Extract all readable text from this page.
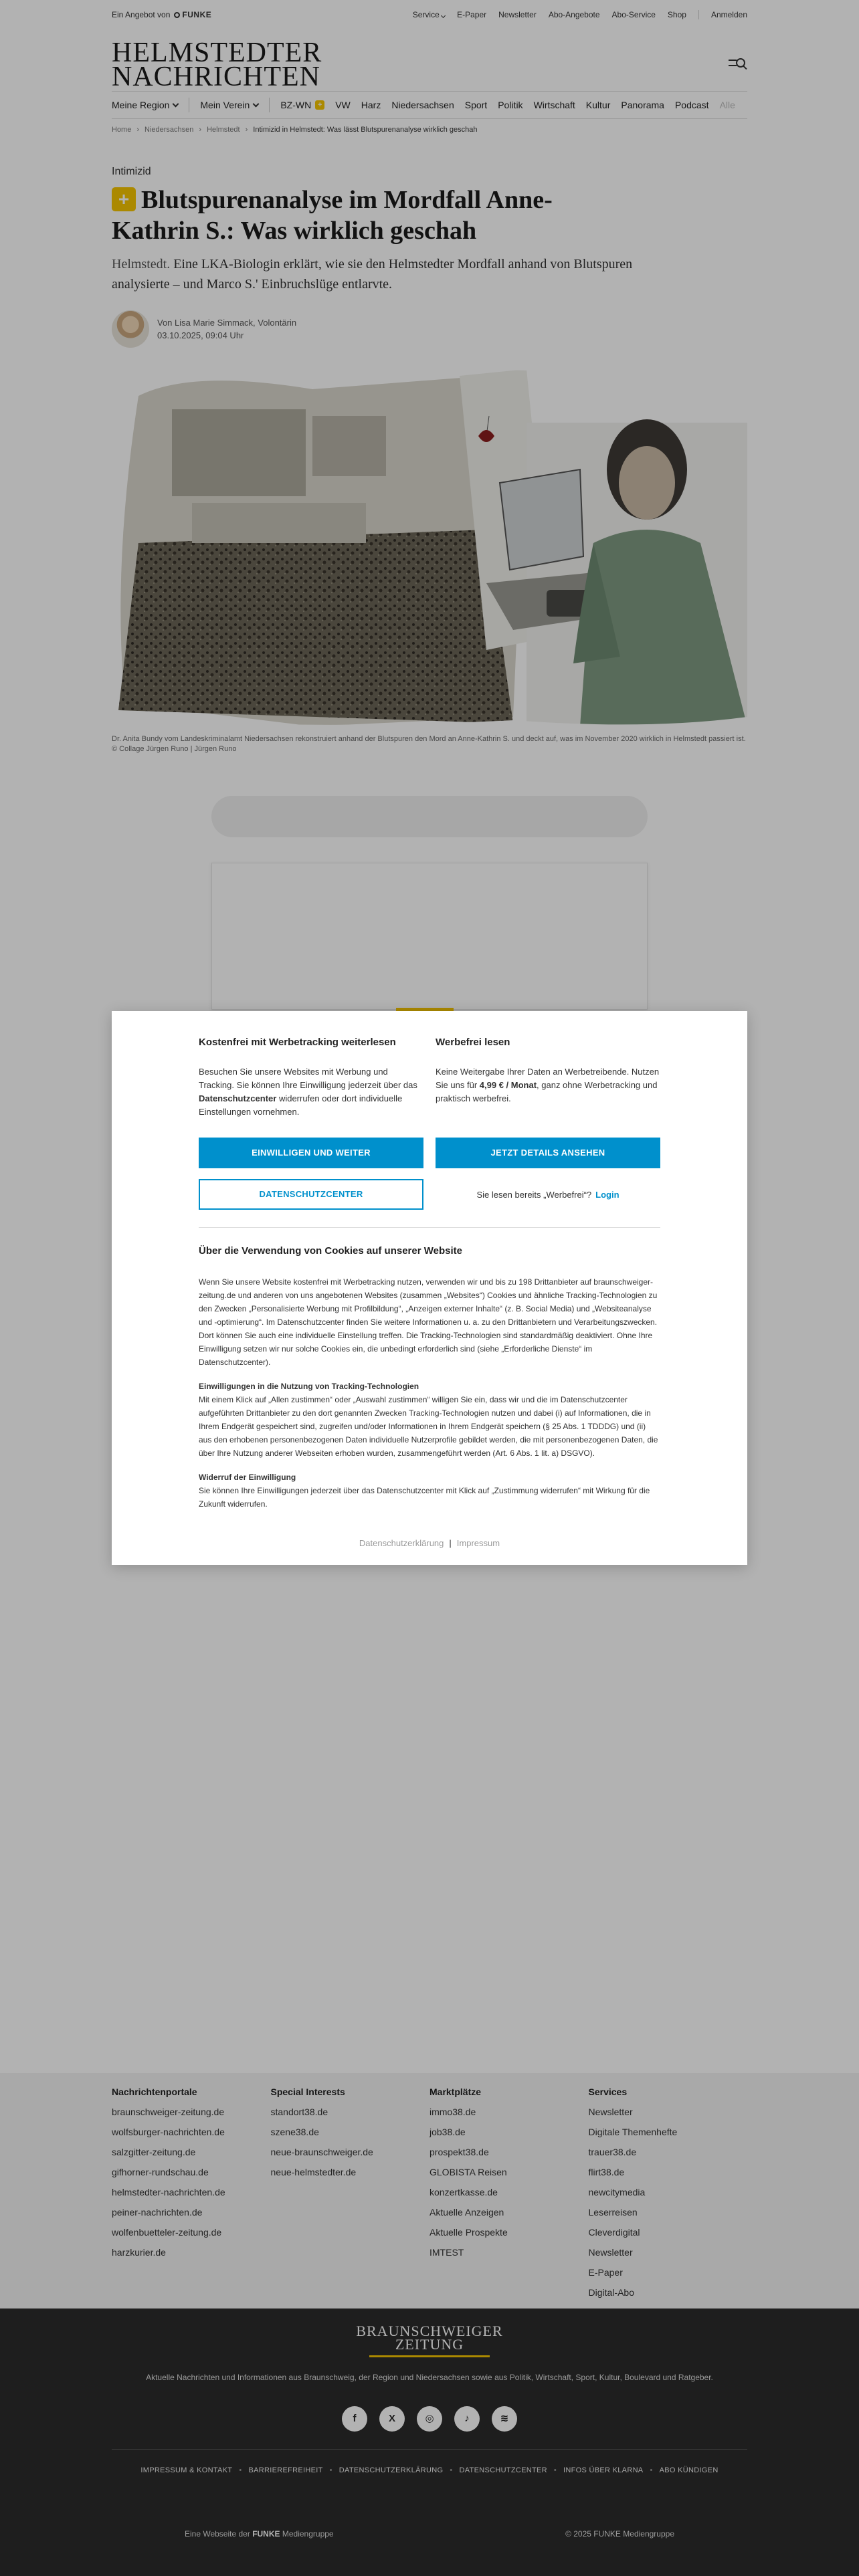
Ein Angebot von FUNKE	Service	E-Paper Newsletter Abo-Angebote Abo-Service Shop	Anmelden
HELMSTEDTER
NACHRICHTEN
Meine Region	Mein Verein	BZ-WN + VW Harz Niedersachsen Sport Politik Wirtschaft Kultur Panorama Podcast Alle
Home › Niedersachsen › Helmstedt › Intimizid in Helmstedt: Was lässt Blutspurenanalyse wirklich geschah
Intimizid
+ Blutspurenanalyse im Mordfall Anne-Kathrin S.: Was wirklich geschah

Helmstedt. Eine LKA-Biologin erklärt, wie sie den Helmstedter Mordfall anhand von Blutspuren analysierte – und Marco S.' Einbruchslüge entlarvte.

Von Lisa Marie Simmack, Volontärin
03.10.2025, 09:04 Uhr
Dr. Anita Bundy vom Landeskriminalamt Niedersachsen rekonstruiert anhand der Blutspuren den Mord an Anne-Kathrin S. und deckt auf, was im November 2020 wirklich in Helmstedt passiert ist.
© Collage Jürgen Runo | Jürgen Runo
Nachrichtenportale
braunschweiger-zeitung.de
wolfsburger-nachrichten.de
salzgitter-zeitung.de
gifhorner-rundschau.de
helmstedter-nachrichten.de
peiner-nachrichten.de
wolfenbuetteler-zeitung.de
harzkurier.de
Special Interests
standort38.de
szene38.de
neue-braunschweiger.de
neue-helmstedter.de
Marktplätze
immo38.de
job38.de
prospekt38.de
GLOBISTA Reisen
konzertkasse.de
Aktuelle Anzeigen
Aktuelle Prospekte
IMTEST
Services
Newsletter
Digitale Themenhefte
trauer38.de
flirt38.de
newcitymedia
Leserreisen
Cleverdigital
Newsletter
E-Paper
Digital-Abo
BRAUNSCHWEIGER
ZEITUNG
Aktuelle Nachrichten und Informationen aus Braunschweig, der Region und Niedersachsen sowie aus Politik, Wirtschaft, Sport, Kultur, Boulevard und Ratgeber.
f	X	◎	♪	≋
IMPRESSUM & KONTAKT • BARRIEREFREIHEIT • DATENSCHUTZERKLÄRUNG • DATENSCHUTZCENTER • INFOS ÜBER KLARNA • ABO KÜNDIGEN
Eine Webseite der FUNKE Mediengruppe	© 2025 FUNKE Mediengruppe
Kostenfrei mit Werbetracking weiterlesen

Besuchen Sie unsere Websites mit Werbung und Tracking. Sie können Ihre Einwilligung jederzeit über das Datenschutzcenter widerrufen oder dort individuelle Einstellungen vornehmen.

EINWILLIGEN UND WEITER
DATENSCHUTZCENTER
Werbefrei lesen

Keine Weitergabe Ihrer Daten an Werbetreibende. Nutzen Sie uns für 4,99 € / Monat, ganz ohne Werbetracking und praktisch werbefrei.

JETZT DETAILS ANSEHEN
Sie lesen bereits „Werbefrei“? Login
Über die Verwendung von Cookies auf unserer Website

Wenn Sie unsere Website kostenfrei mit Werbetracking nutzen, verwenden wir und bis zu 198 Drittanbieter auf braunschweiger-zeitung.de und anderen von uns angebotenen Websites (zusammen „Websites“) Cookies und ähnliche Tracking-Technologien zu den Zwecken „Personalisierte Werbung mit Profilbildung“, „Anzeigen externer Inhalte“ (z. B. Social Media) und „Websiteanalyse und -optimierung“. Im Datenschutzcenter finden Sie weitere Informationen u. a. zu den Drittanbietern und Verarbeitungszwecken. Dort können Sie auch eine individuelle Einstellung treffen. Die Tracking-Technologien sind standardmäßig deaktiviert. Ohne Ihre Einwilligung setzen wir nur solche Cookies ein, die unbedingt erforderlich sind (siehe „Erforderliche Dienste“ im Datenschutzcenter).

Einwilligungen in die Nutzung von Tracking-Technologien
Mit einem Klick auf „Allen zustimmen“ oder „Auswahl zustimmen“ willigen Sie ein, dass wir und die im Datenschutzcenter aufgeführten Drittanbieter zu den dort genannten Zwecken Tracking-Technologien nutzen und dabei (i) auf Informationen, die in Ihrem Endgerät gespeichert sind, zugreifen und/oder Informationen in Ihrem Endgerät speichern (§ 25 Abs. 1 TDDDG) und (ii) aus den erhobenen personenbezogenen Daten individuelle Nutzerprofile gebildet werden, die mit personenbezogenen Daten, die über Ihre Nutzung anderer Webseiten erhoben wurden, zusammengeführt werden (Art. 6 Abs. 1 lit. a) DSGVO).

Widerruf der Einwilligung
Sie können Ihre Einwilligungen jederzeit über das Datenschutzcenter mit Klick auf „Zustimmung widerrufen“ mit Wirkung für die Zukunft widerrufen.

Datenschutzerklärung | Impressum
